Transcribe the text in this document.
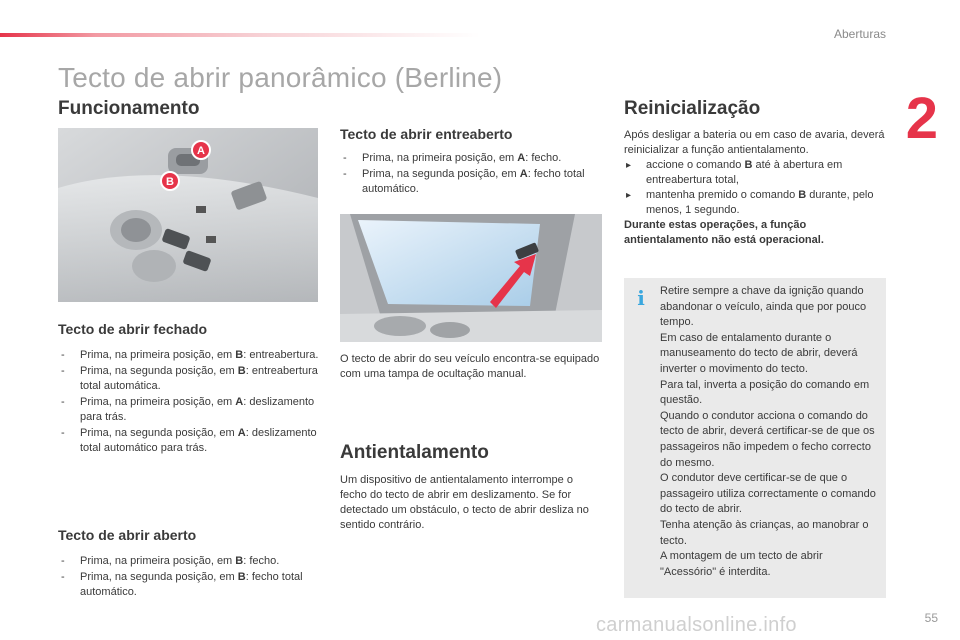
Aberturas
2
Tecto de abrir panorâmico (Berline)
Funcionamento
A
B
Tecto de abrir fechado
- Prima, na primeira posição, em B: entreabertura.
- Prima, na segunda posição, em B: entreabertura total automática.
- Prima, na primeira posição, em A: deslizamento para trás.
- Prima, na segunda posição, em A: deslizamento total automático para trás.
Tecto de abrir aberto
- Prima, na primeira posição, em B: fecho.
- Prima, na segunda posição, em B: fecho total automático.
Tecto de abrir entreaberto
- Prima, na primeira posição, em A: fecho.
- Prima, na segunda posição, em A: fecho total automático.
O tecto de abrir do seu veículo encontra-se equipado com uma tampa de ocultação manual.
Antientalamento

Um dispositivo de antientalamento interrompe o fecho do tecto de abrir em deslizamento. Se for detectado um obstáculo, o tecto de abrir desliza no sentido contrário.

Reinicialização

Após desligar a bateria ou em caso de avaria, deverá reinicializar a função antientalamento.

▸ accione o comando B até à abertura em entreabertura total,
▸ mantenha premido o comando B durante, pelo menos, 1 segundo.

Durante estas operações, a função antientalamento não está operacional.

i Retire sempre a chave da ignição quando abandonar o veículo, ainda que por pouco tempo.
Em caso de entalamento durante o manuseamento do tecto de abrir, deverá inverter o movimento do tecto.
Para tal, inverta a posição do comando em questão.
Quando o condutor acciona o comando do tecto de abrir, deverá certificar-se de que os passageiros não impedem o fecho correcto do mesmo.
O condutor deve certificar-se de que o passageiro utiliza correctamente o comando do tecto de abrir.
Tenha atenção às crianças, ao manobrar o tecto.
A montagem de um tecto de abrir "Acessório" é interdita.
carmanualsonline.info	55
